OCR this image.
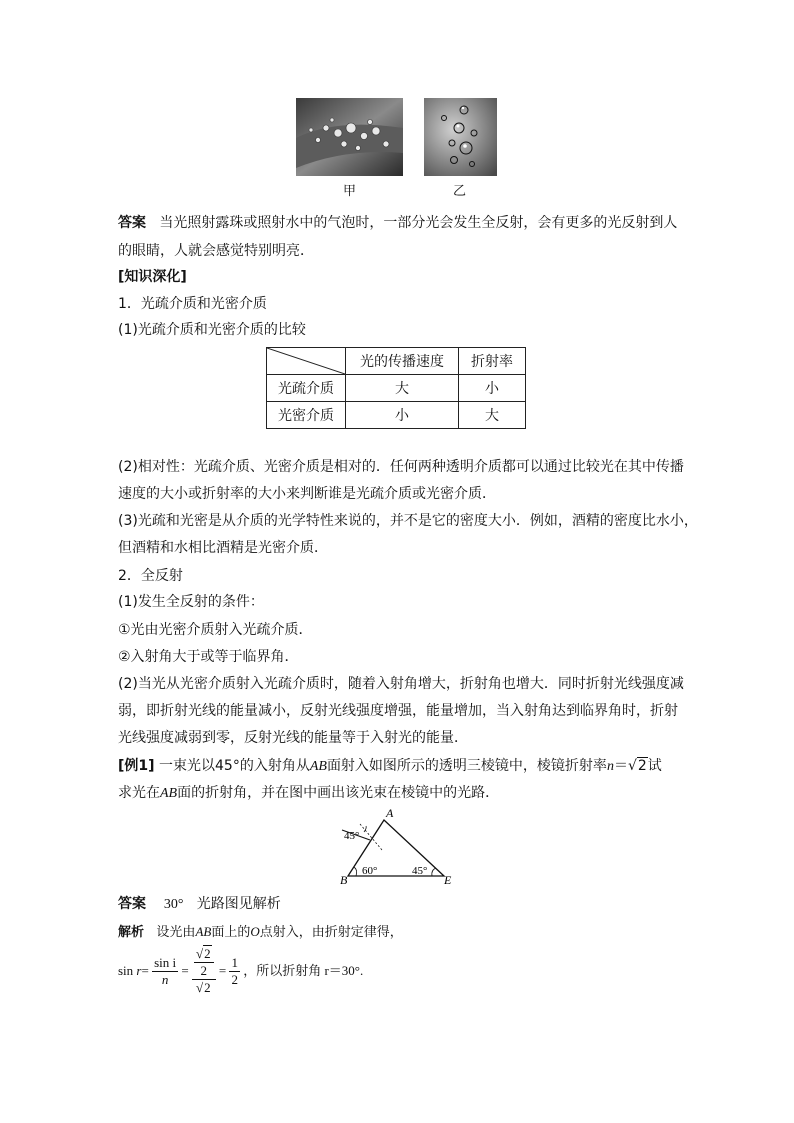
甲	乙
答案 当光照射露珠或照射水中的气泡时，一部分光会发生全反射，会有更多的光反射到人
的眼睛，人就会感觉特别明亮．
[知识深化]
1．光疏介质和光密介质
(1)光疏介质和光密介质的比较
	光的传播速度	折射率
光疏介质	大	小
光密介质	小	大
(2)相对性：光疏介质、光密介质是相对的．任何两种透明介质都可以通过比较光在其中传播
速度的大小或折射率的大小来判断谁是光疏介质或光密介质．
(3)光疏和光密是从介质的光学特性来说的，并不是它的密度大小．例如，酒精的密度比水小，
但酒精和水相比酒精是光密介质．
2．全反射
(1)发生全反射的条件：
①光由光密介质射入光疏介质．
②入射角大于或等于临界角．
(2)当光从光密介质射入光疏介质时，随着入射角增大，折射角也增大．同时折射光线强度减
弱，即折射光线的能量减小，反射光线强度增强，能量增加，当入射角达到临界角时，折射
光线强度减弱到零，反射光线的能量等于入射光的能量．
[例1] 一束光以45°的入射角从AB面射入如图所示的透明三棱镜中，棱镜折射率n＝√2试
求光在AB面的折射角，并在图中画出该光束在棱镜中的光路．
A
B	E
45°
60°	45°
答案 30° 光路图见解析
解析 设光由AB面上的O点射入，由折射定律得，
$\sin r= \frac{\text{sin i}}{n} = \frac{\frac{√2}{2}}{√2} = \frac{1}{2}$ ，所以折射角 r＝30°.
